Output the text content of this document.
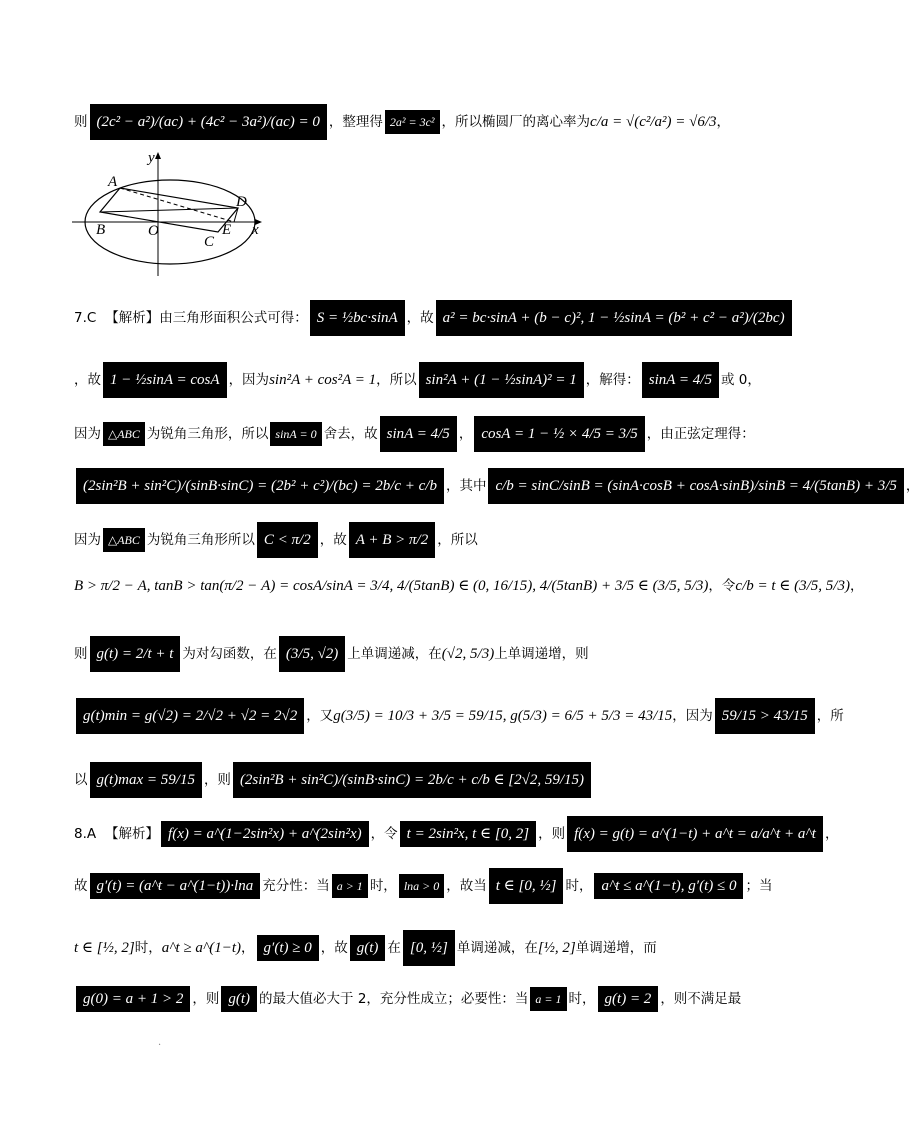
则 (2c² − a²)/(ac) + (4c² − 3a²)/(ac) = 0 ，整理得 2a² = 3c² ，所以椭圆厂的离心率为c/a = √(c²/a²) = √6/3，
y
x
A
B	O
C
D
E
7.C 【解析】由三角形面积公式可得： S = ½bc·sinA ，故 a² = bc·sinA + (b − c)², 1 − ½sinA = (b² + c² − a²)/(2bc)
，故 1 − ½sinA = cosA ，因为sin²A + cos²A = 1，所以 sin²A + (1 − ½sinA)² = 1 ，解得： sinA = 4/5 或 0，
因为 △ABC 为锐角三角形，所以 sinA = 0 舍去，故 sinA = 4/5 ， cosA = 1 − ½ × 4/5 = 3/5 ，由正弦定理得：
(2sin²B + sin²C)/(sinB·sinC) = (2b² + c²)/(bc) = 2b/c + c/b ，其中 c/b = sinC/sinB = (sinA·cosB + cosA·sinB)/sinB = 4/(5tanB) + 3/5 ，
因为 △ABC 为锐角三角形所以 C < π/2 ，故 A + B > π/2 ，所以
B > π/2 − A, tanB > tan(π/2 − A) = cosA/sinA = 3/4, 4/(5tanB) ∈ (0, 16/15), 4/(5tanB) + 3/5 ∈ (3/5, 5/3)，令c/b = t ∈ (3/5, 5/3)，
则 g(t) = 2/t + t 为对勾函数，在 (3/5, √2) 上单调递减，在(√2, 5/3)上单调递增，则
g(t)min = g(√2) = 2/√2 + √2 = 2√2 ，又g(3/5) = 10/3 + 3/5 = 59/15, g(5/3) = 6/5 + 5/3 = 43/15，因为 59/15 > 43/15 ，所
以 g(t)max = 59/15 ，则 (2sin²B + sin²C)/(sinB·sinC) = 2b/c + c/b ∈ [2√2, 59/15)
8.A 【解析】 f(x) = a^(1−2sin²x) + a^(2sin²x) ，令 t = 2sin²x, t ∈ [0, 2] ，则 f(x) = g(t) = a^(1−t) + a^t = a/a^t + a^t ，
故 g′(t) = (a^t − a^(1−t))·lna 充分性：当 a > 1 时， lna > 0 ，故当 t ∈ [0, ½] 时， a^t ≤ a^(1−t), g′(t) ≤ 0 ；当
t ∈ [½, 2]时，a^t ≥ a^(1−t)， g′(t) ≥ 0 ，故 g(t) 在 [0, ½] 单调递减，在[½, 2]单调递增，而
g(0) = a + 1 > 2 ，则 g(t) 的最大值必大于 2，充分性成立；必要性：当 a = 1 时， g(t) = 2 ，则不满足最
·
